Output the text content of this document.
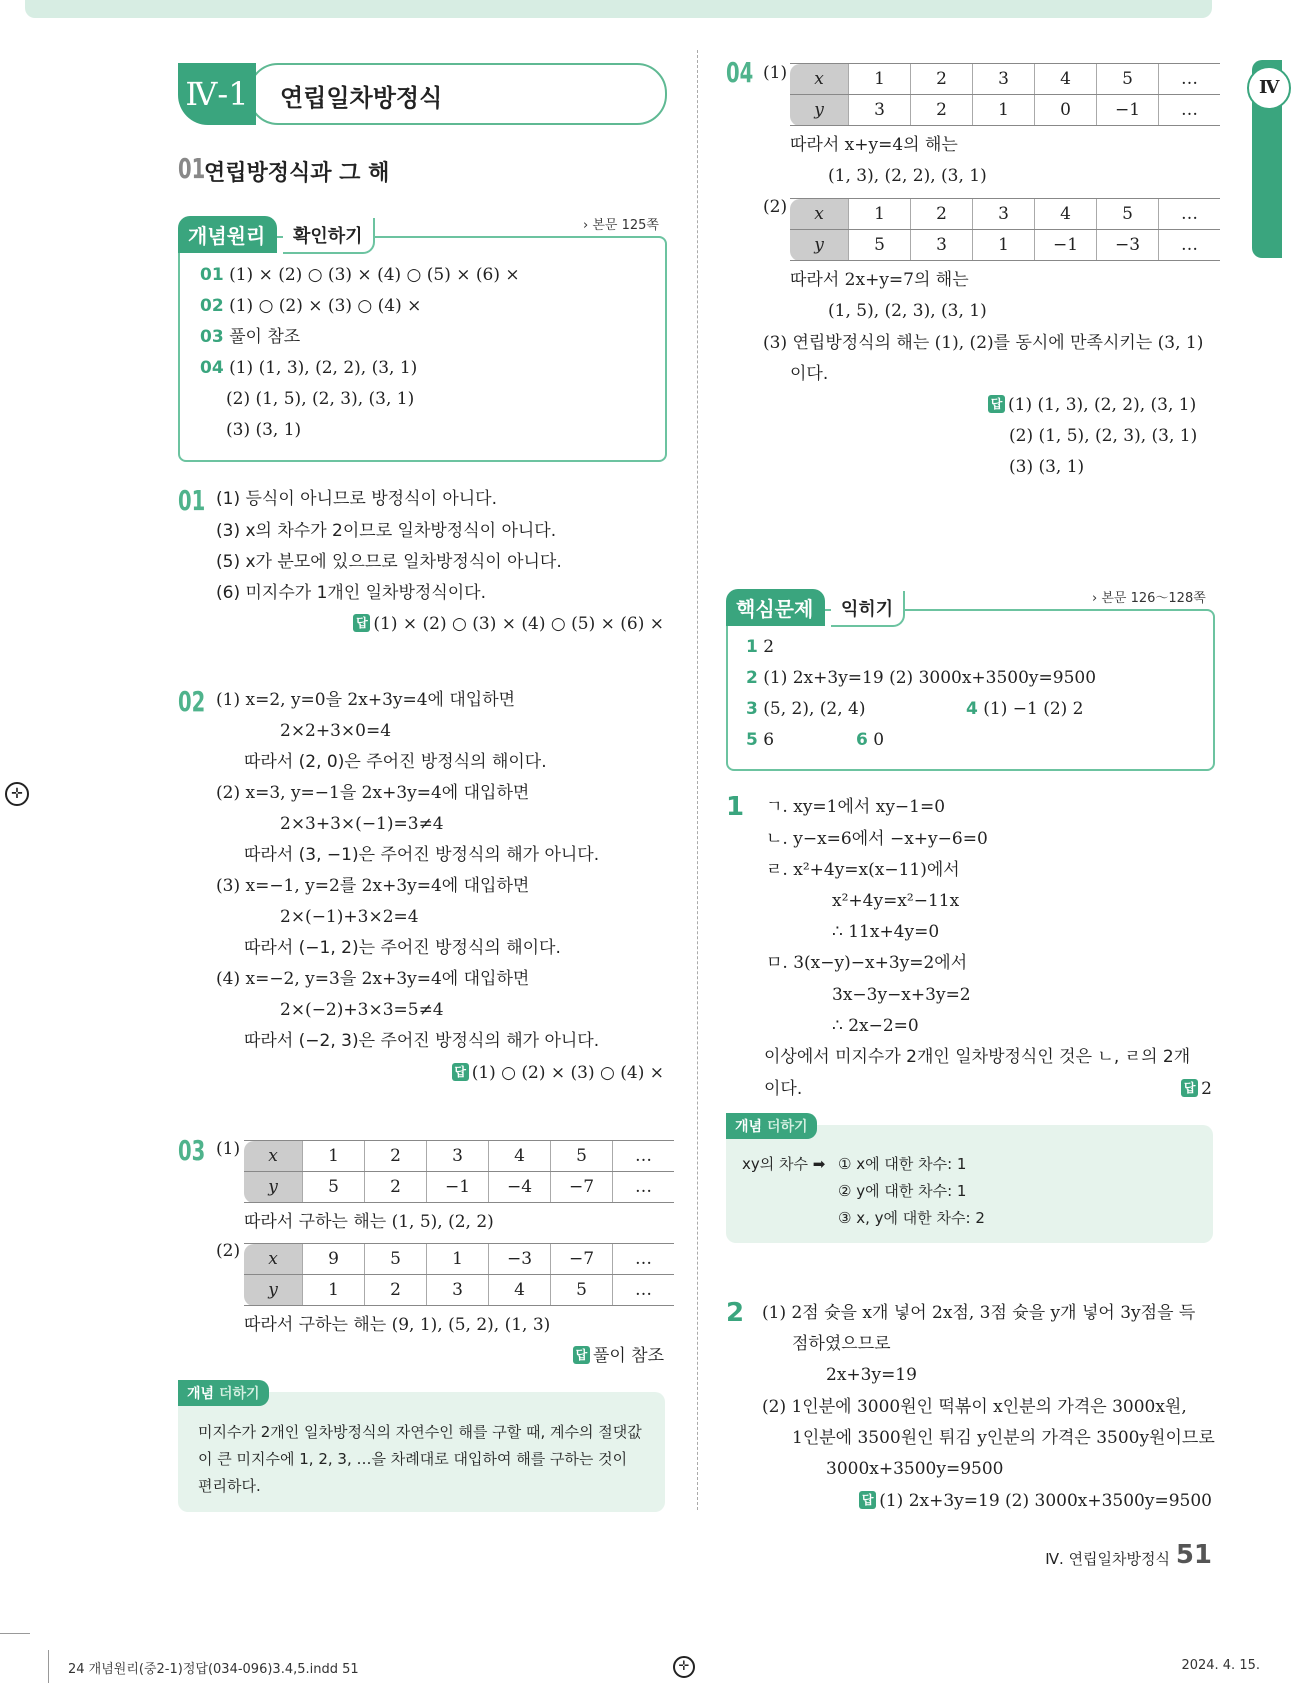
Ⅳ
✛
Ⅳ-1	연립일차방정식
01
연립방정식과 그 해
개념원리	확인하기
› 본문 125쪽
01 (1) × (2) ○ (3) × (4) ○ (5) × (6) ×
02 (1) ○ (2) × (3) ○ (4) ×
03 풀이 참조
04 (1) (1, 3), (2, 2), (3, 1)
(2) (1, 5), (2, 3), (3, 1)
(3) (3, 1)
01 (1) 등식이 아니므로 방정식이 아니다.
(3) x의 차수가 2이므로 일차방정식이 아니다.
(5) x가 분모에 있으므로 일차방정식이 아니다.
(6) 미지수가 1개인 일차방정식이다.
답 (1) × (2) ○ (3) × (4) ○ (5) × (6) ×
02 (1) x=2, y=0을 2x+3y=4에 대입하면
2×2+3×0=4
따라서 (2, 0)은 주어진 방정식의 해이다.
(2) x=3, y=−1을 2x+3y=4에 대입하면
2×3+3×(−1)=3≠4
따라서 (3, −1)은 주어진 방정식의 해가 아니다.
(3) x=−1, y=2를 2x+3y=4에 대입하면
2×(−1)+3×2=4
따라서 (−1, 2)는 주어진 방정식의 해이다.
(4) x=−2, y=3을 2x+3y=4에 대입하면
2×(−2)+3×3=5≠4
따라서 (−2, 3)은 주어진 방정식의 해가 아니다.
답 (1) ○ (2) × (3) ○ (4) ×
03 (1) x	1	2	3	4	5	…
y	5	2	−1	−4	−7	…
따라서 구하는 해는 (1, 5), (2, 2)
(2) x	9	5	1	−3	−7	…
y	1	2	3	4	5	…
따라서 구하는 해는 (9, 1), (5, 2), (1, 3)
답 풀이 참조
개념 더하기
미지수가 2개인 일차방정식의 자연수인 해를 구할 때, 계수의 절댓값
이 큰 미지수에 1, 2, 3, …을 차례대로 대입하여 해를 구하는 것이
편리하다.
04 (1) x	1	2	3	4	5	…
y	3	2	1	0	−1	…
따라서 x+y=4의 해는
(1, 3), (2, 2), (3, 1)
(2) x	1	2	3	4	5	…
y	5	3	1	−1	−3	…
따라서 2x+y=7의 해는
(1, 5), (2, 3), (3, 1)
(3) 연립방정식의 해는 (1), (2)를 동시에 만족시키는 (3, 1)
이다.
답 (1) (1, 3), (2, 2), (3, 1)
(2) (1, 5), (2, 3), (3, 1)
(3) (3, 1)
핵심문제	익히기
› 본문 126～128쪽
1 2
2 (1) 2x+3y=19 (2) 3000x+3500y=9500
3 (5, 2), (2, 4)	4 (1) −1 (2) 2
5 6	6 0
1 ㄱ. xy=1에서 xy−1=0
ㄴ. y−x=6에서 −x+y−6=0
ㄹ. x²+4y=x(x−11)에서
x²+4y=x²−11x
∴ 11x+4y=0
ㅁ. 3(x−y)−x+3y=2에서
3x−3y−x+3y=2
∴ 2x−2=0
이상에서 미지수가 2개인 일차방정식인 것은 ㄴ, ㄹ의 2개
이다.	답 2
개념 더하기
xy의 차수 ➡ ① x에 대한 차수: 1
② y에 대한 차수: 1
③ x, y에 대한 차수: 2
2 (1) 2점 슛을 x개 넣어 2x점, 3점 슛을 y개 넣어 3y점을 득
점하였으므로
2x+3y=19
(2) 1인분에 3000원인 떡볶이 x인분의 가격은 3000x원,
1인분에 3500원인 튀김 y인분의 가격은 3500y원이므로
3000x+3500y=9500
답 (1) 2x+3y=19 (2) 3000x+3500y=9500
Ⅳ. 연립일차방정식 51
24 개념원리(중2-1)정답(034-096)3.4,5.indd 51	✛	2024. 4. 15.
